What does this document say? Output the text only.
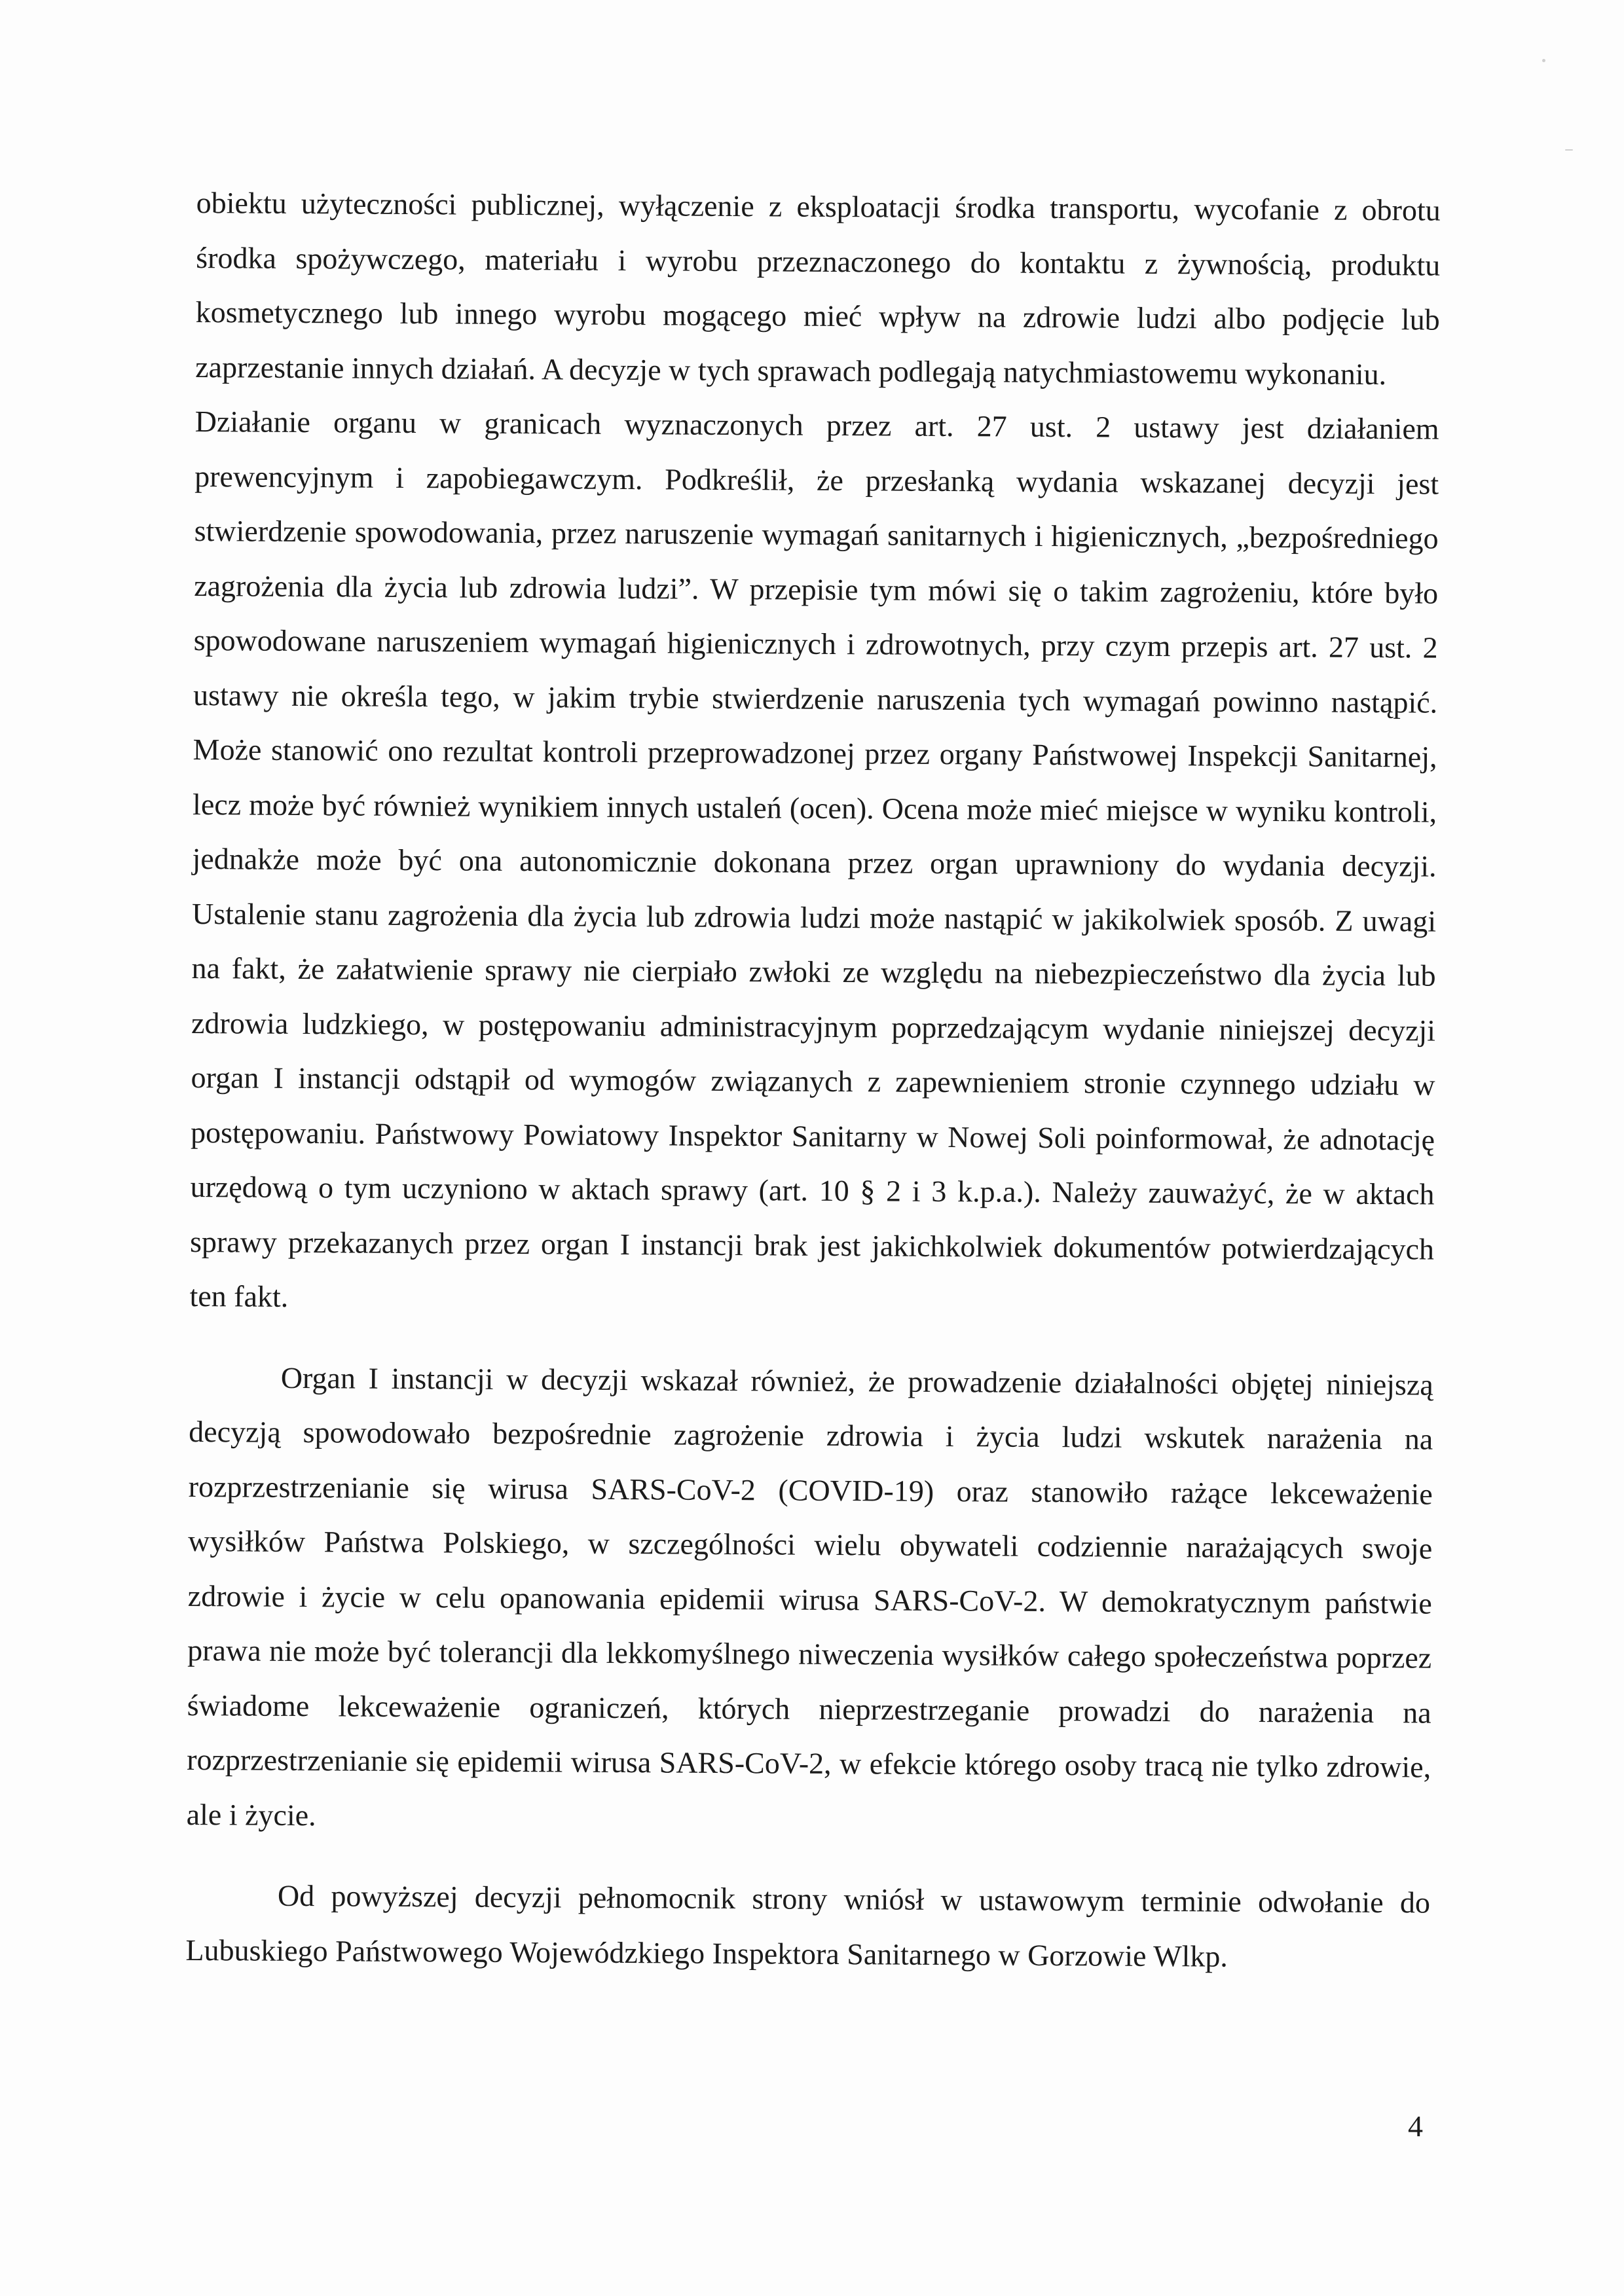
obiektu użyteczności publicznej, wyłączenie z eksploatacji środka transportu, wycofanie z obrotu środka spożywczego, materiału i wyrobu przeznaczonego do kontaktu z żywnością, produktu kosmetycznego lub innego wyrobu mogącego mieć wpływ na zdrowie ludzi albo podjęcie lub zaprzestanie innych działań. A decyzje w tych sprawach podlegają natychmiastowemu wykonaniu.

Działanie organu w granicach wyznaczonych przez art. 27 ust. 2 ustawy jest działaniem prewencyjnym i zapobiegawczym. Podkreślił, że przesłanką wydania wskazanej decyzji jest stwierdzenie spowodowania, przez naruszenie wymagań sanitarnych i higienicznych, „bezpośredniego zagrożenia dla życia lub zdrowia ludzi”. W przepisie tym mówi się o takim zagrożeniu, które było spowodowane naruszeniem wymagań higienicznych i zdrowotnych, przy czym przepis art. 27 ust. 2 ustawy nie określa tego, w jakim trybie stwierdzenie naruszenia tych wymagań powinno nastąpić. Może stanowić ono rezultat kontroli przeprowadzonej przez organy Państwowej Inspekcji Sanitarnej, lecz może być również wynikiem innych ustaleń (ocen). Ocena może mieć miejsce w wyniku kontroli, jednakże może być ona autonomicznie dokonana przez organ uprawniony do wydania decyzji. Ustalenie stanu zagrożenia dla życia lub zdrowia ludzi może nastąpić w jakikolwiek sposób. Z uwagi na fakt, że załatwienie sprawy nie cierpiało zwłoki ze względu na niebezpieczeństwo dla życia lub zdrowia ludzkiego, w postępowaniu administracyjnym poprzedzającym wydanie niniejszej decyzji organ I instancji odstąpił od wymogów związanych z zapewnieniem stronie czynnego udziału w postępowaniu. Państwowy Powiatowy Inspektor Sanitarny w Nowej Soli poinformował, że adnotację urzędową o tym uczyniono w aktach sprawy (art. 10 § 2 i 3 k.p.a.). Należy zauważyć, że w aktach sprawy przekazanych przez organ I instancji brak jest jakichkolwiek dokumentów potwierdzających ten fakt.

Organ I instancji w decyzji wskazał również, że prowadzenie działalności objętej niniejszą decyzją spowodowało bezpośrednie zagrożenie zdrowia i życia ludzi wskutek narażenia na rozprzestrzenianie się wirusa SARS-CoV-2 (COVID-19) oraz stanowiło rażące lekceważenie wysiłków Państwa Polskiego, w szczególności wielu obywateli codziennie narażających swoje zdrowie i życie w celu opanowania epidemii wirusa SARS-CoV-2. W demokratycznym państwie prawa nie może być tolerancji dla lekkomyślnego niweczenia wysiłków całego społeczeństwa poprzez świadome lekceważenie ograniczeń, których nieprzestrzeganie prowadzi do narażenia na rozprzestrzenianie się epidemii wirusa SARS-CoV-2, w efekcie którego osoby tracą nie tylko zdrowie, ale i życie.

Od powyższej decyzji pełnomocnik strony wniósł w ustawowym terminie odwołanie do Lubuskiego Państwowego Wojewódzkiego Inspektora Sanitarnego w Gorzowie Wlkp.

4
